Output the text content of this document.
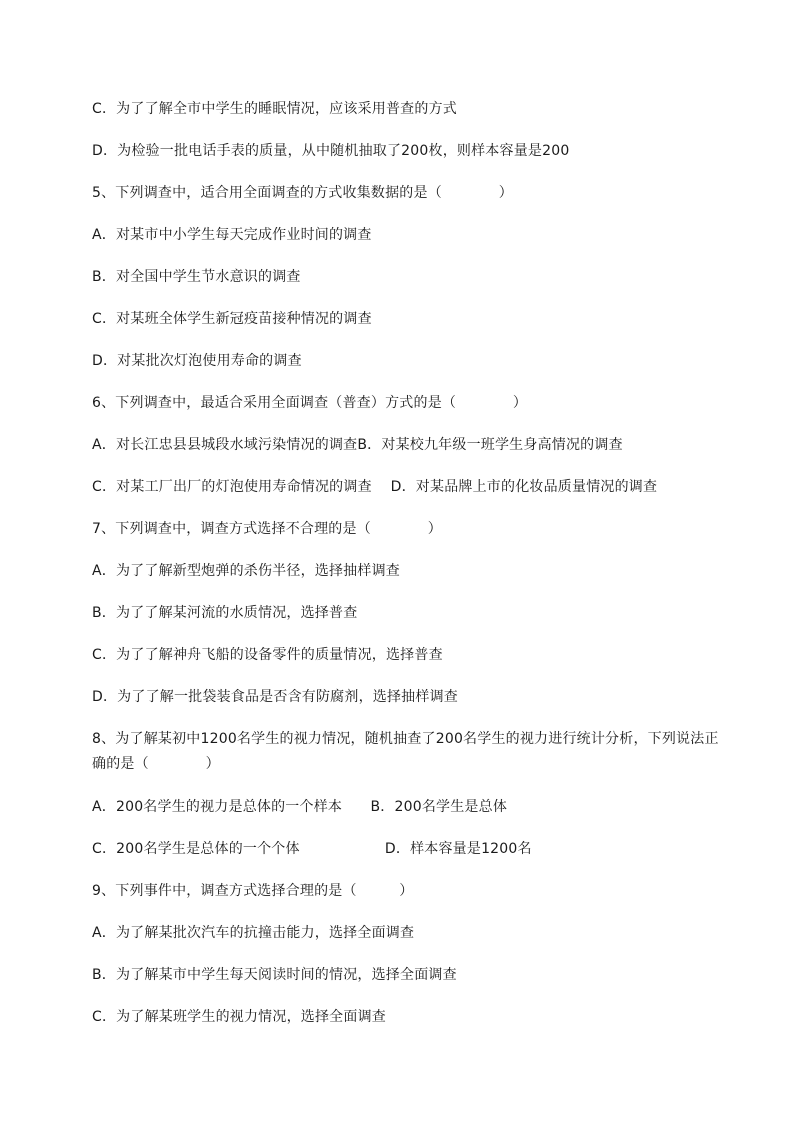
C．为了了解全市中学生的睡眠情况，应该采用普查的方式
D．为检验一批电话手表的质量，从中随机抽取了200枚，则样本容量是200
5、下列调查中，适合用全面调查的方式收集数据的是（　　　　）
A．对某市中小学生每天完成作业时间的调查
B．对全国中学生节水意识的调查
C．对某班全体学生新冠疫苗接种情况的调查
D．对某批次灯泡使用寿命的调查
6、下列调查中，最适合采用全面调查（普查）方式的是（　　　　）
A．对长江忠县县城段水域污染情况的调查B．对某校九年级一班学生身高情况的调查
C．对某工厂出厂的灯泡使用寿命情况的调查　 D．对某品牌上市的化妆品质量情况的调查
7、下列调查中，调查方式选择不合理的是（　　　　）
A．为了了解新型炮弹的杀伤半径，选择抽样调查
B．为了了解某河流的水质情况，选择普查
C．为了了解神舟飞船的设备零件的质量情况，选择普查
D．为了了解一批袋装食品是否含有防腐剂，选择抽样调查
8、为了解某初中1200名学生的视力情况，随机抽查了200名学生的视力进行统计分析，下列说法正
确的是（　　　　）
A．200名学生的视力是总体的一个样本　　B．200名学生是总体
C．200名学生是总体的一个个体　　　　　　D．样本容量是1200名
9、下列事件中，调查方式选择合理的是（　　　）
A．为了解某批次汽车的抗撞击能力，选择全面调查
B．为了解某市中学生每天阅读时间的情况，选择全面调查
C．为了解某班学生的视力情况，选择全面调查
